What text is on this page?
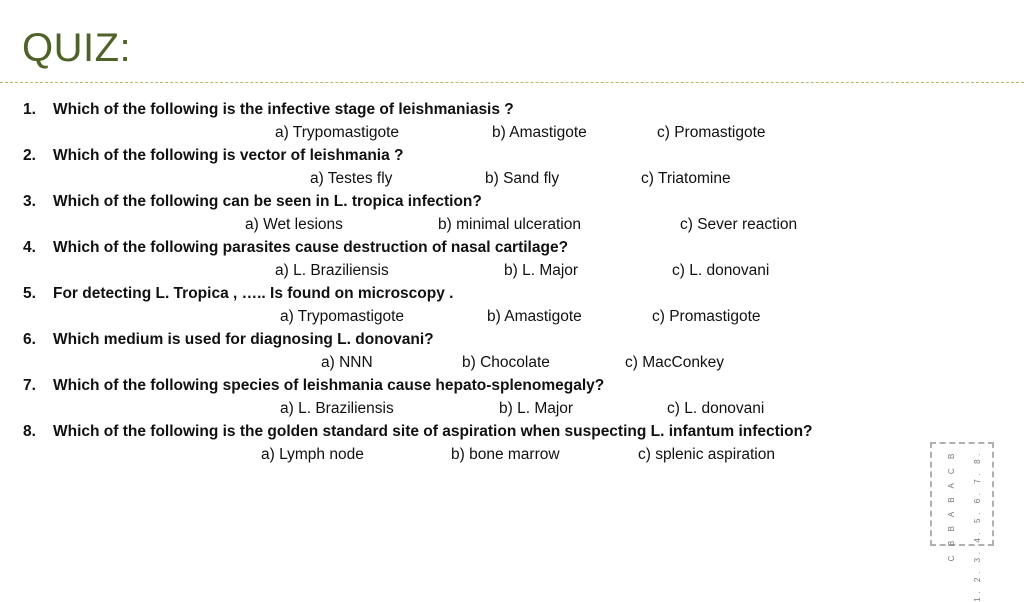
QUIZ:
1. Which of the following is the infective stage of leishmaniasis ?
a) Trypomastigote	b) Amastigote	c) Promastigote
2. Which of the following is vector of leishmania ?
a) Testes fly	b) Sand fly	c) Triatomine
3. Which of the following can be seen in L. tropica infection?
a) Wet lesions	b) minimal ulceration	c) Sever reaction
4. Which of the following parasites cause destruction of nasal cartilage?
a) L. Braziliensis	b) L. Major	c) L. donovani
5. For detecting L. Tropica , ….. Is found on microscopy .
a) Trypomastigote	b) Amastigote	c) Promastigote
6. Which medium is used for diagnosing L. donovani?
a) NNN	b) Chocolate	c) MacConkey
7. Which of the following species of leishmania cause hepato-splenomegaly?
a) L. Braziliensis	b) L. Major	c) L. donovani
8. Which of the following is the golden standard site of aspiration when suspecting L. infantum infection?
a) Lymph node	b) bone marrow	c) splenic aspiration	1. 2. 3. 4. 5. 6. 7. 8.
C B B A B A C B
